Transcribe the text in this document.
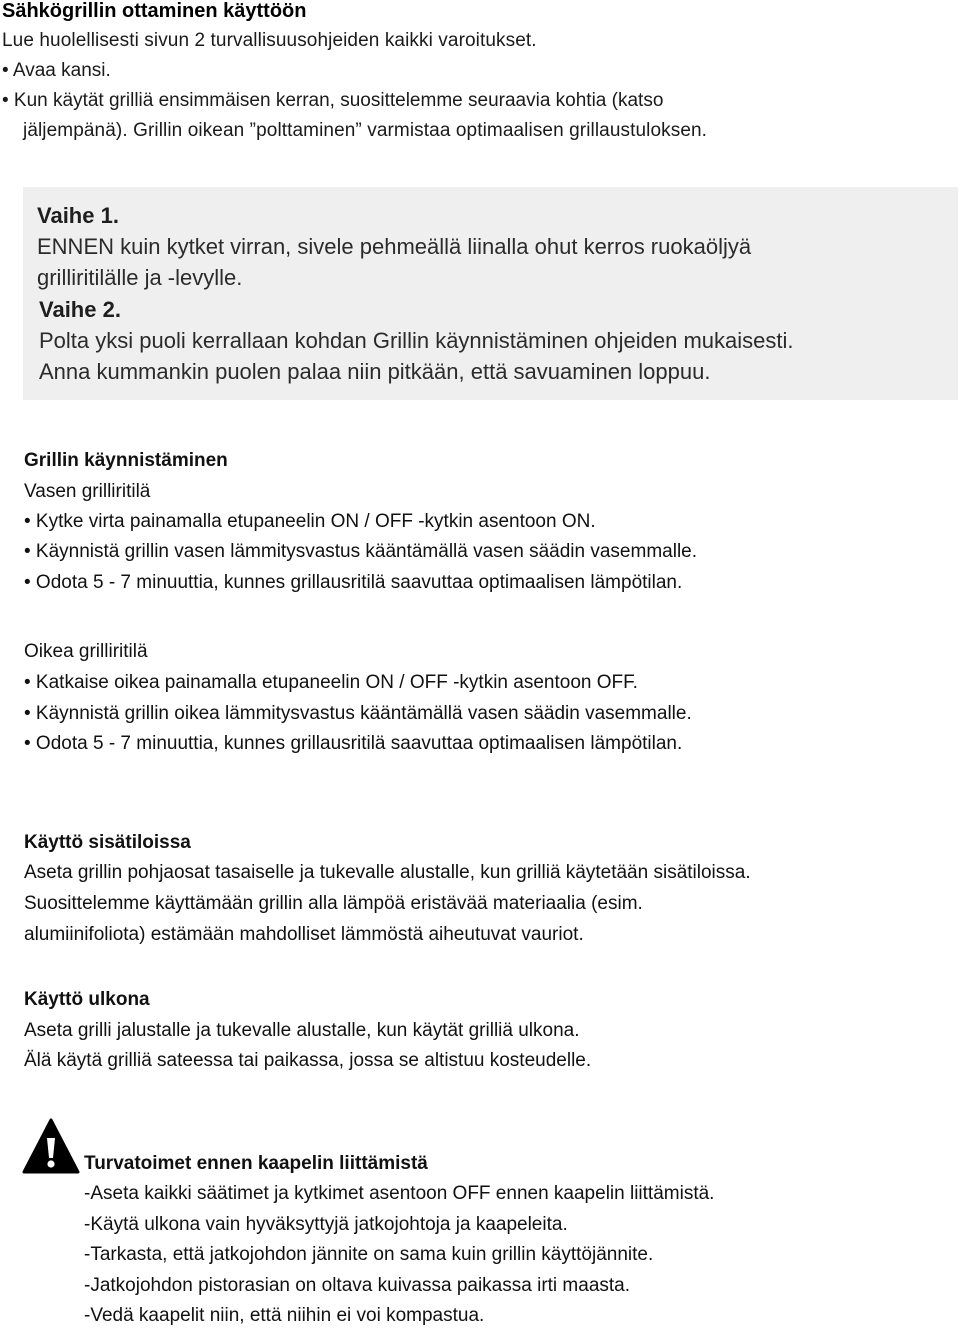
Sähkögrillin ottaminen käyttöön
Lue huolellisesti sivun 2 turvallisuusohjeiden kaikki varoitukset.
• Avaa kansi.
• Kun käytät grilliä ensimmäisen kerran, suosittelemme seuraavia kohtia (katso
jäljempänä). Grillin oikean ”polttaminen” varmistaa optimaalisen grillaustuloksen.
Vaihe 1.
ENNEN kuin kytket virran, sivele pehmeällä liinalla ohut kerros ruokaöljyä
grilliritilälle ja -levylle.
Vaihe 2.
Polta yksi puoli kerrallaan kohdan Grillin käynnistäminen ohjeiden mukaisesti.
Anna kummankin puolen palaa niin pitkään, että savuaminen loppuu.
Grillin käynnistäminen
Vasen grilliritilä
• Kytke virta painamalla etupaneelin ON / OFF -kytkin asentoon ON.
• Käynnistä grillin vasen lämmitysvastus kääntämällä vasen säädin vasemmalle.
• Odota 5 - 7 minuuttia, kunnes grillausritilä saavuttaa optimaalisen lämpötilan.
Oikea grilliritilä
• Katkaise oikea painamalla etupaneelin ON / OFF -kytkin asentoon OFF.
• Käynnistä grillin oikea lämmitysvastus kääntämällä vasen säädin vasemmalle.
• Odota 5 - 7 minuuttia, kunnes grillausritilä saavuttaa optimaalisen lämpötilan.
Käyttö sisätiloissa
Aseta grillin pohjaosat tasaiselle ja tukevalle alustalle, kun grilliä käytetään sisätiloissa.
Suosittelemme käyttämään grillin alla lämpöä eristävää materiaalia (esim.
alumiinifoliota) estämään mahdolliset lämmöstä aiheutuvat vauriot.
Käyttö ulkona
Aseta grilli jalustalle ja tukevalle alustalle, kun käytät grilliä ulkona.
Älä käytä grilliä sateessa tai paikassa, jossa se altistuu kosteudelle.
Turvatoimet ennen kaapelin liittämistä
-Aseta kaikki säätimet ja kytkimet asentoon OFF ennen kaapelin liittämistä.
-Käytä ulkona vain hyväksyttyjä jatkojohtoja ja kaapeleita.
-Tarkasta, että jatkojohdon jännite on sama kuin grillin käyttöjännite.
-Jatkojohdon pistorasian on oltava kuivassa paikassa irti maasta.
-Vedä kaapelit niin, että niihin ei voi kompastua.
